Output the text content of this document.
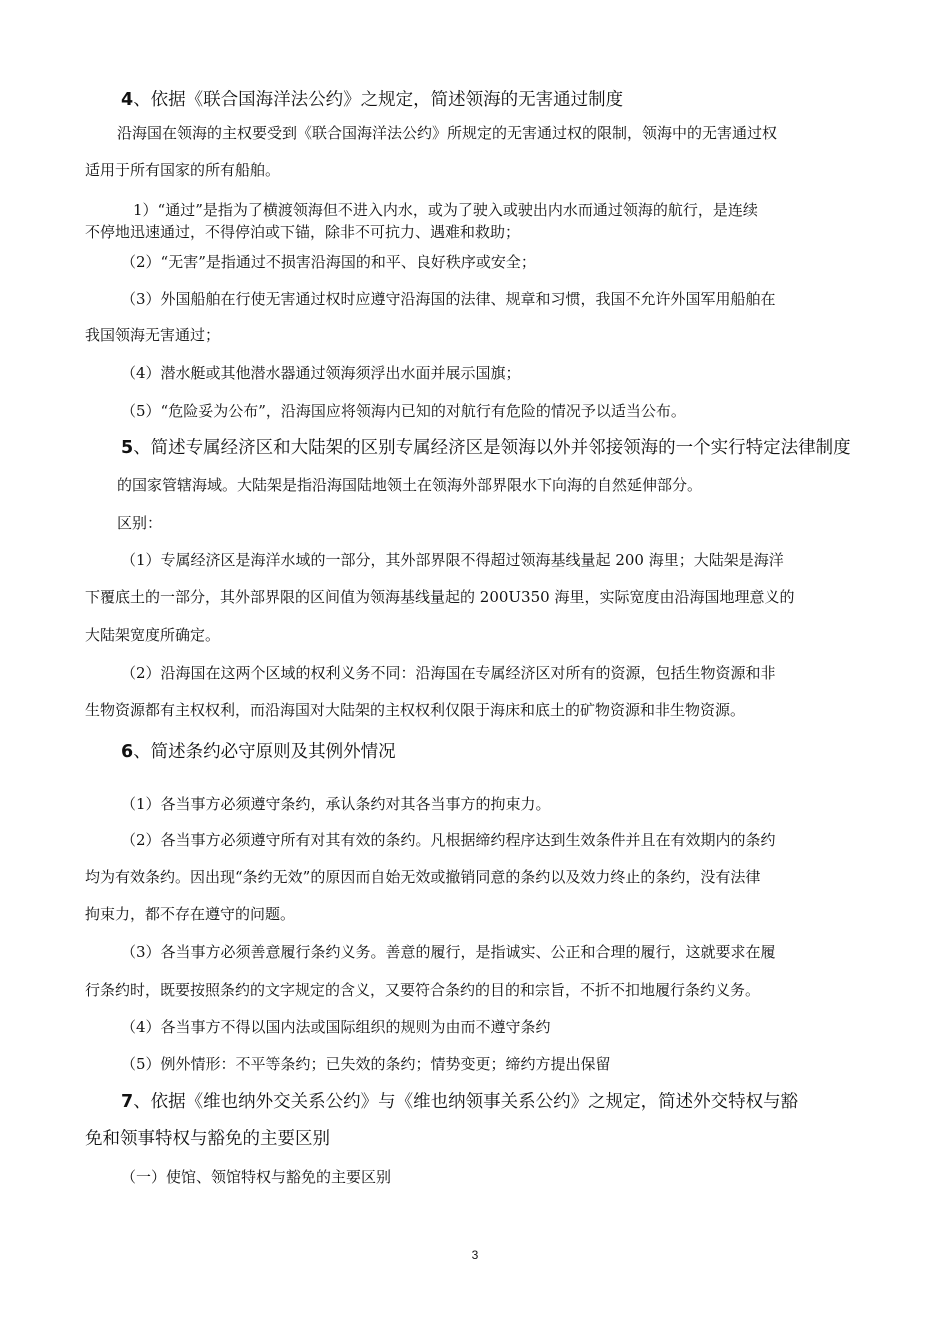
4、依据《联合国海洋法公约》之规定，简述领海的无害通过制度
沿海国在领海的主权要受到《联合国海洋法公约》所规定的无害通过权的限制，领海中的无害通过权
适用于所有国家的所有船舶。
1）“通过”是指为了横渡领海但不进入内水，或为了驶入或驶出内水而通过领海的航行，是连续
不停地迅速通过，不得停泊或下锚，除非不可抗力、遇难和救助；
（2）“无害”是指通过不损害沿海国的和平、良好秩序或安全；
（3）外国船舶在行使无害通过权时应遵守沿海国的法律、规章和习惯，我国不允许外国军用船舶在
我国领海无害通过；
（4）潜水艇或其他潜水器通过领海须浮出水面并展示国旗；
（5）“危险妥为公布”，沿海国应将领海内已知的对航行有危险的情况予以适当公布。
5、简述专属经济区和大陆架的区别专属经济区是领海以外并邻接领海的一个实行特定法律制度
的国家管辖海域。大陆架是指沿海国陆地领土在领海外部界限水下向海的自然延伸部分。
区别：
（1）专属经济区是海洋水域的一部分，其外部界限不得超过领海基线量起 200 海里；大陆架是海洋
下覆底土的一部分，其外部界限的区间值为领海基线量起的 200U350 海里，实际宽度由沿海国地理意义的
大陆架宽度所确定。
（2）沿海国在这两个区域的权利义务不同：沿海国在专属经济区对所有的资源，包括生物资源和非
生物资源都有主权权利，而沿海国对大陆架的主权权利仅限于海床和底土的矿物资源和非生物资源。
6、简述条约必守原则及其例外情况
（1）各当事方必须遵守条约，承认条约对其各当事方的拘束力。
（2）各当事方必须遵守所有对其有效的条约。凡根据缔约程序达到生效条件并且在有效期内的条约
均为有效条约。因出现“条约无效”的原因而自始无效或撤销同意的条约以及效力终止的条约，没有法律
拘束力，都不存在遵守的问题。
（3）各当事方必须善意履行条约义务。善意的履行，是指诚实、公正和合理的履行，这就要求在履
行条约时，既要按照条约的文字规定的含义，又要符合条约的目的和宗旨，不折不扣地履行条约义务。
（4）各当事方不得以国内法或国际组织的规则为由而不遵守条约
（5）例外情形：不平等条约；已失效的条约；情势变更；缔约方提出保留
7、依据《维也纳外交关系公约》与《维也纳领事关系公约》之规定，简述外交特权与豁
免和领事特权与豁免的主要区别
（一）使馆、领馆特权与豁免的主要区别
3
